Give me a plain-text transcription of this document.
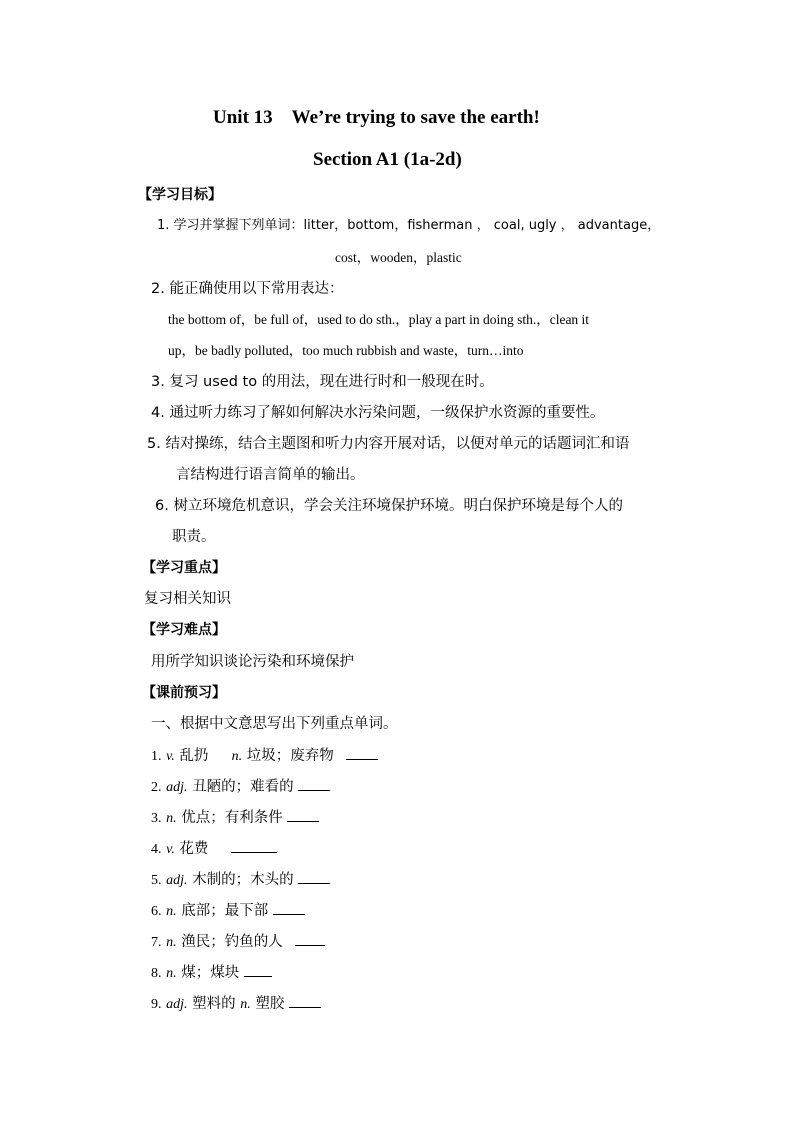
Unit 13　We’re trying to save the earth!
Section A1 (1a-2d)
【学习目标】
1. 学习并掌握下列单词：litter，bottom，fisherman ， coal, ugly ， advantage，
cost，wooden，plastic
2. 能正确使用以下常用表达：
the bottom of，be full of，used to do sth.，play a part in doing sth.，clean it
up，be badly polluted，too much rubbish and waste，turn…into
3. 复习 used to 的用法，现在进行时和一般现在时。
4. 通过听力练习了解如何解决水污染问题，一级保护水资源的重要性。
5. 结对操练，结合主题图和听力内容开展对话，以便对单元的话题词汇和语
言结构进行语言简单的输出。
6. 树立环境危机意识，学会关注环境保护环境。明白保护环境是每个人的
职责。
【学习重点】
复习相关知识
【学习难点】
用所学知识谈论污染和环境保护
【课前预习】
一、根据中文意思写出下列重点单词。
1. v. 乱扔 n. 垃圾；废弃物
2. adj. 丑陋的；难看的
3. n. 优点；有利条件
4. v. 花费
5. adj. 木制的；木头的
6. n. 底部；最下部
7. n. 渔民；钓鱼的人
8. n. 煤；煤块
9. adj. 塑料的 n. 塑胶
